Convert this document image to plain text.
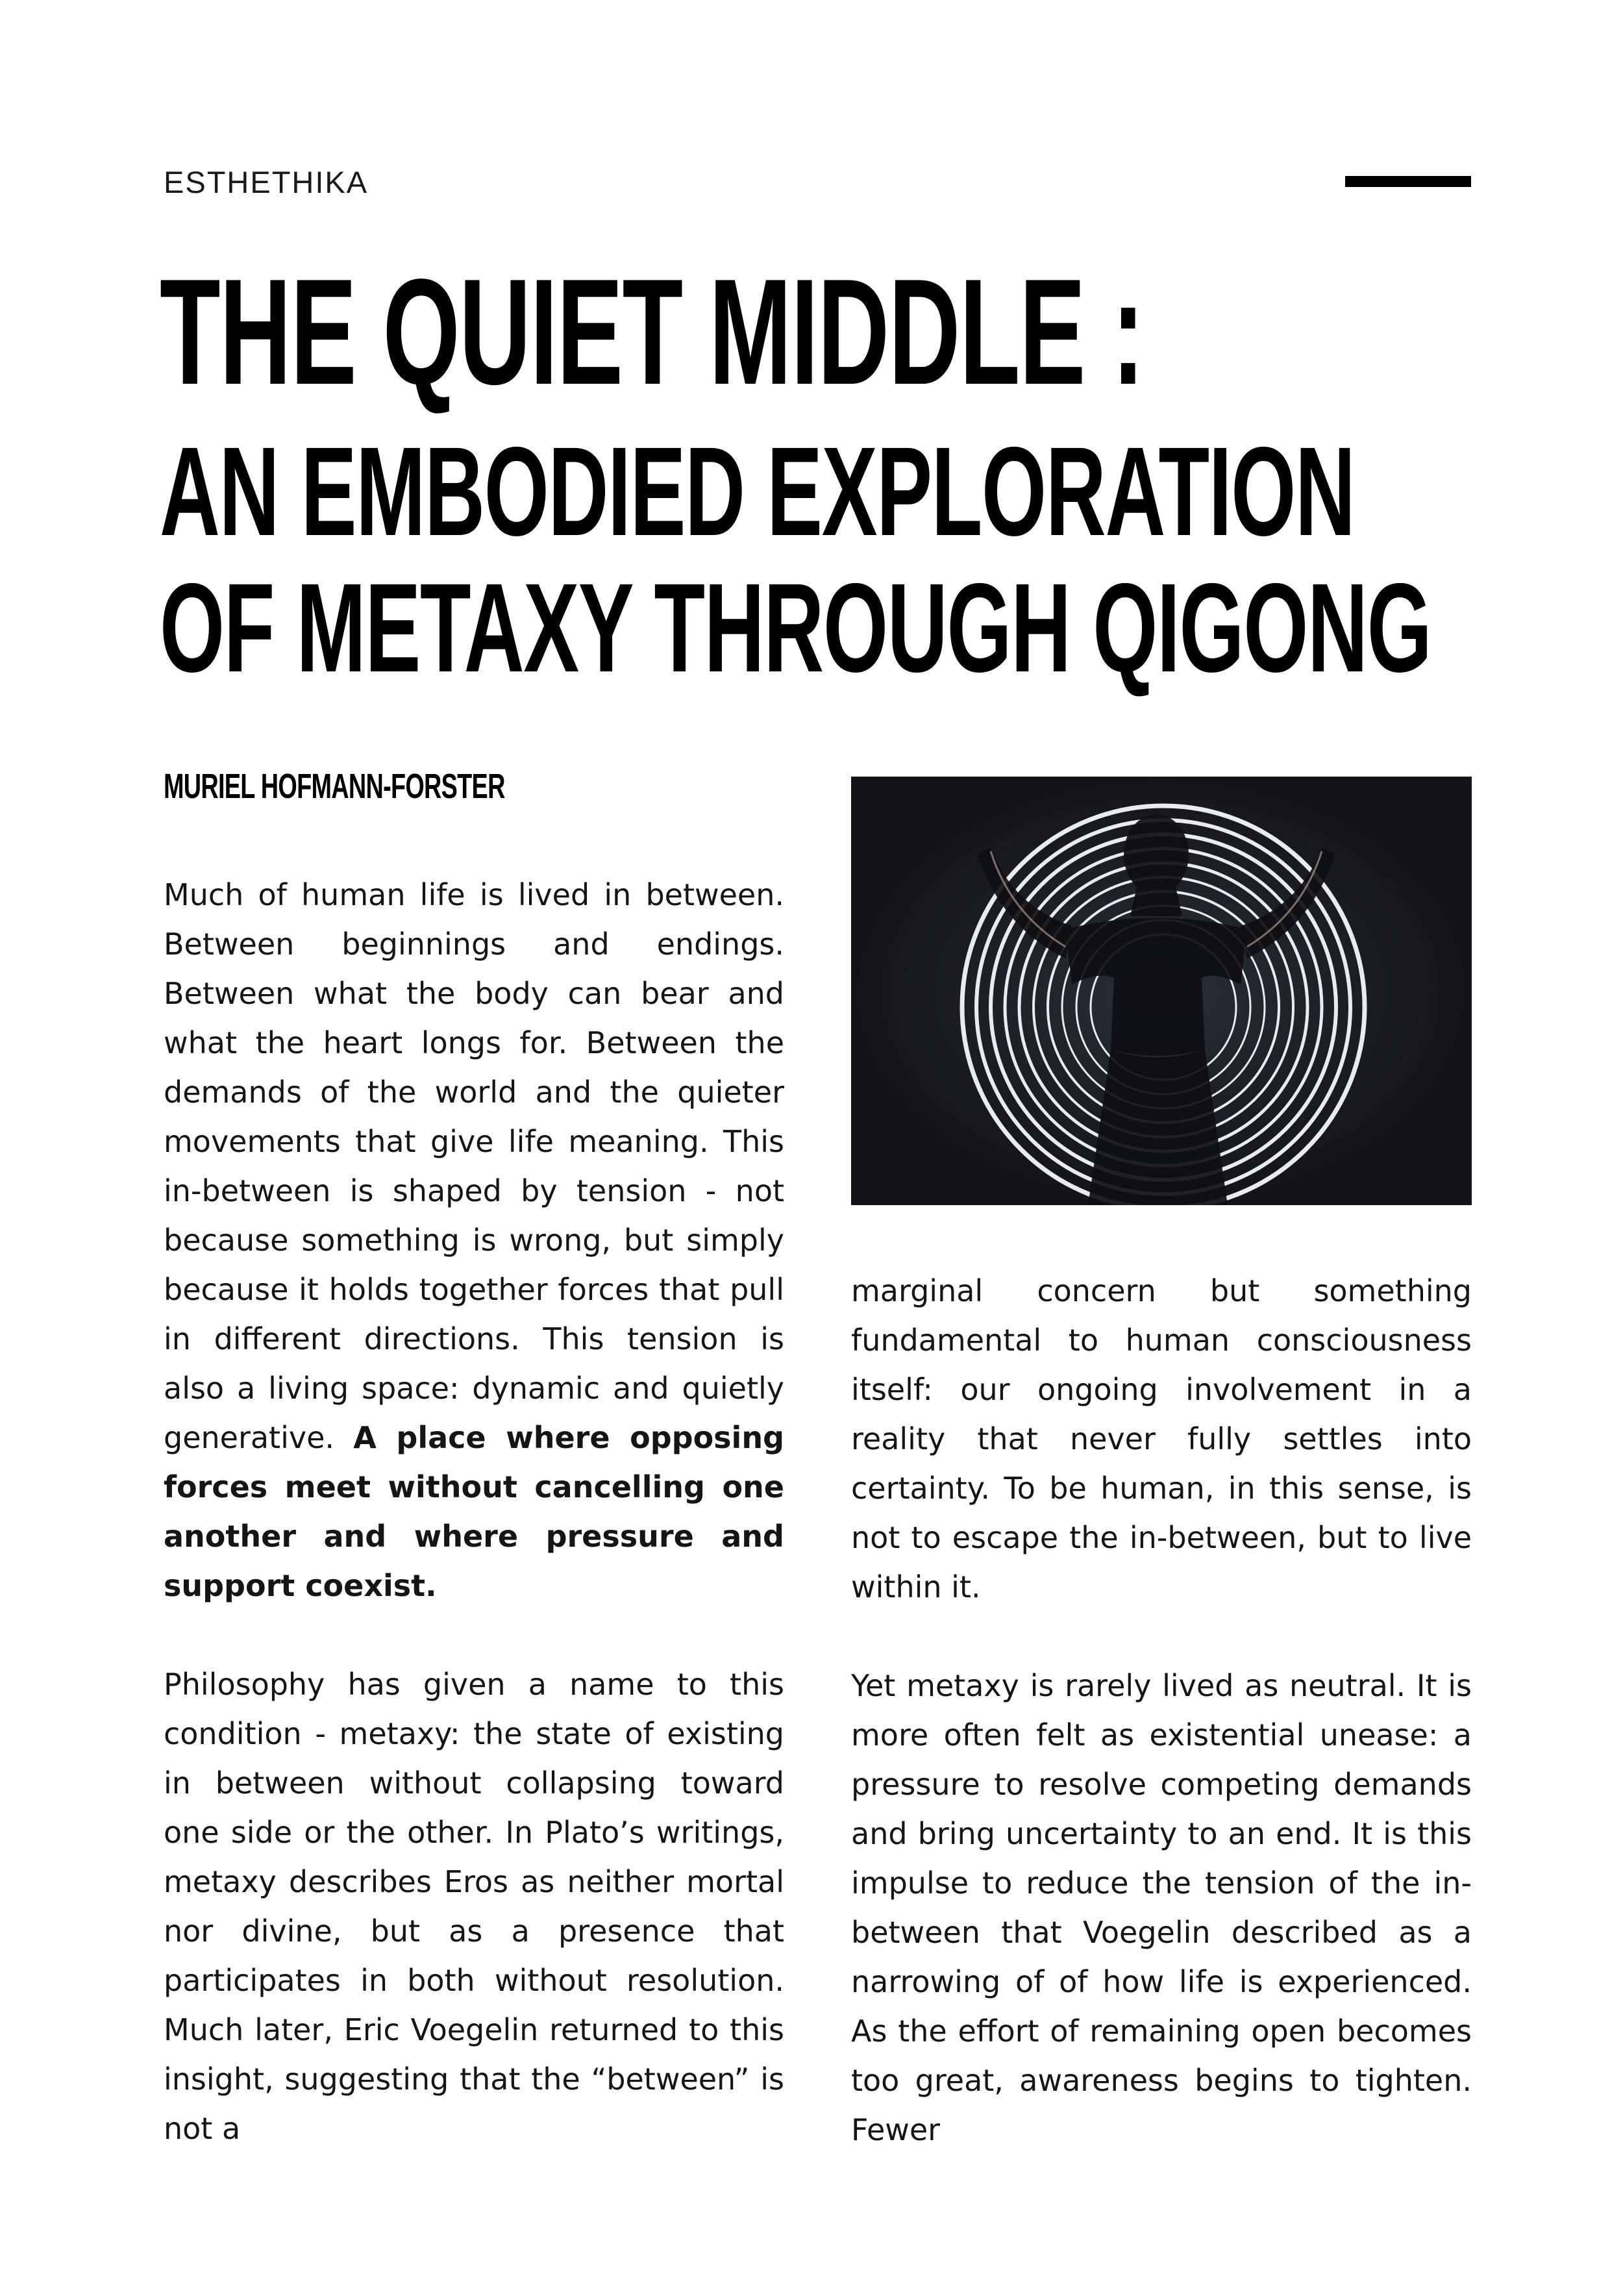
ESTHETHIKA
THE QUIET MIDDLE :
AN EMBODIED EXPLORATION
OF METAXY THROUGH QIGONG
MURIEL HOFMANN-FORSTER

Much of human life is lived in between. Between beginnings and endings. Between what the body can bear and what the heart longs for. Between the demands of the world and the quieter movements that give life meaning. This in-between is shaped by tension - not because something is wrong, but simply because it holds together forces that pull in different directions. This tension is also a living space: dynamic and quietly generative. A place where opposing forces meet without cancelling one another and where pressure and support coexist.

Philosophy has given a name to this condition - metaxy: the state of existing in between without collapsing toward one side or the other. In Plato’s writings, metaxy describes Eros as neither mortal nor divine, but as a presence that participates in both without resolution. Much later, Eric Voegelin returned to this insight, suggesting that the “between” is not a

marginal concern but something fundamental to human consciousness itself: our ongoing involvement in a reality that never fully settles into certainty. To be human, in this sense, is not to escape the in-between, but to live within it.

Yet metaxy is rarely lived as neutral. It is more often felt as existential unease: a pressure to resolve competing demands and bring uncertainty to an end. It is this impulse to reduce the tension of the in-between that Voegelin described as a narrowing of of how life is experienced. As the effort of remaining open becomes too great, awareness begins to tighten. Fewer
